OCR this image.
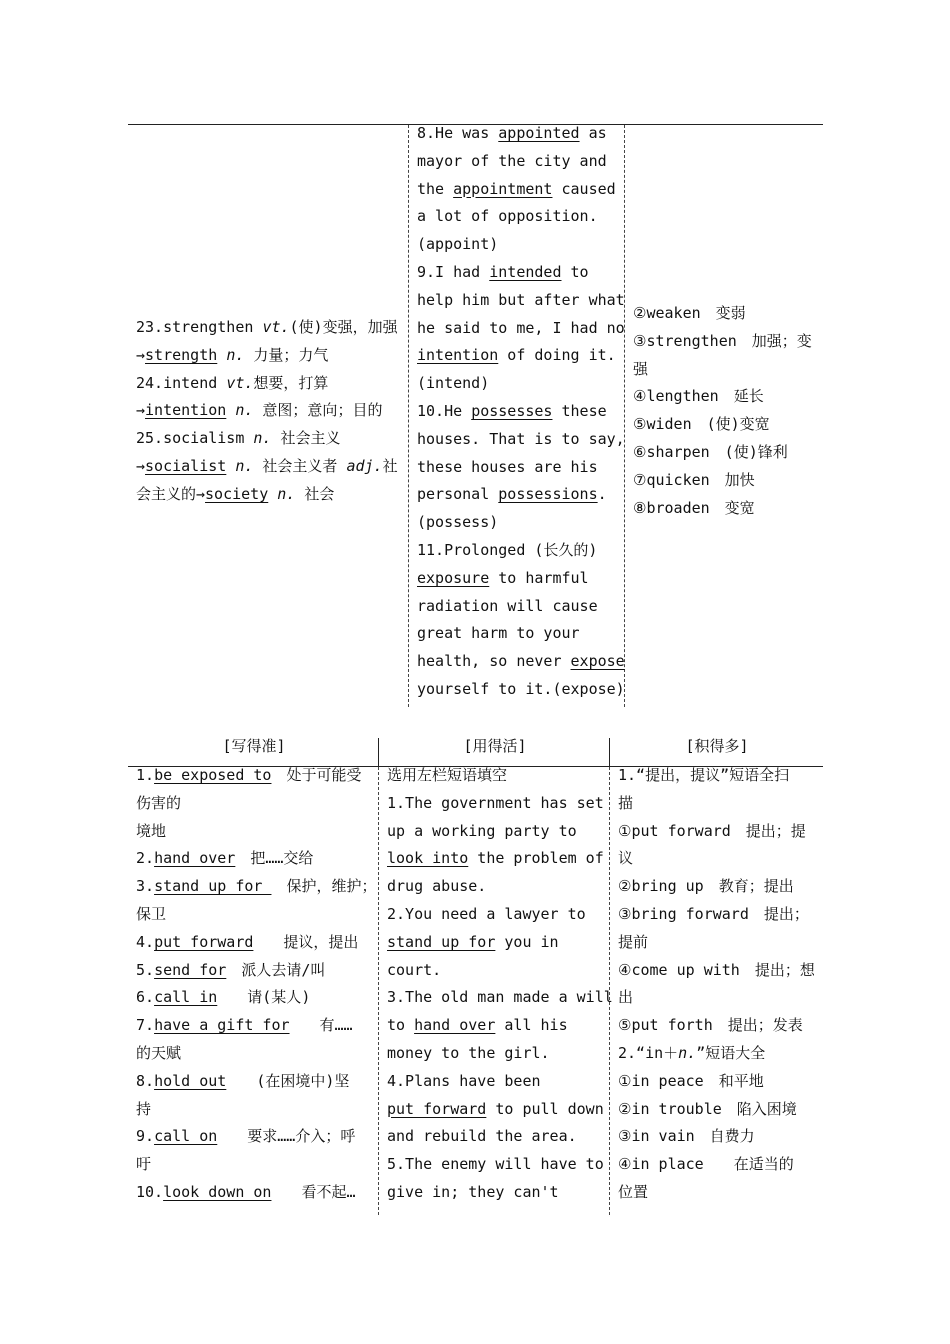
23.strengthen vt.(使)变强，加强
→strength n. 力量；力气
24.intend vt.想要，打算
→intention n. 意图；意向；目的
25.socialism n. 社会主义
→socialist n. 社会主义者 adj.社
会主义的→society n. 社会
8.He was appointed as
mayor of the city and
the appointment caused
a lot of opposition.
(appoint)
9.I had intended to
help him but after what
he said to me, I had no
intention of doing it.
(intend)
10.He possesses these
houses. That is to say,
these houses are his
personal possessions.
(possess)
11.Prolonged (长久的)
exposure to harmful
radiation will cause
great harm to your
health, so never expose
yourself to it.(expose)
②weaken　变弱
③strengthen　加强；变
强
④lengthen　延长
⑤widen　(使)变宽
⑥sharpen　(使)锋利
⑦quicken　加快
⑧broaden　变宽
[写得准]	[用得活]	[积得多]
1.be exposed to　处于可能受
伤害的
境地
2.hand over　把……交给
3.stand up for 　保护，维护；
保卫
4.put forward　　提议，提出
5.send for　派人去请/叫
6.call in　　请(某人)
7.have a gift for　　有……
的天赋
8.hold out　　(在困境中)坚
持
9.call on　　要求……介入；呼
吁
10.look down on　　看不起…
选用左栏短语填空
1.The government has set
up a working party to
look into the problem of
drug abuse.
2.You need a lawyer to
stand up for you in
court.
3.The old man made a will
to hand over all his
money to the girl.
4.Plans have been
put forward to pull down
and rebuild the area.
5.The enemy will have to
give in; they can't
1.“提出，提议”短语全扫
描
①put forward　提出；提
议
②bring up　教育；提出
③bring forward　提出；
提前
④come up with　提出；想
出
⑤put forth　提出；发表
2.“in＋n.”短语大全
①in peace　和平地
②in trouble　陷入困境
③in vain　自费力
④in place　　在适当的
位置
